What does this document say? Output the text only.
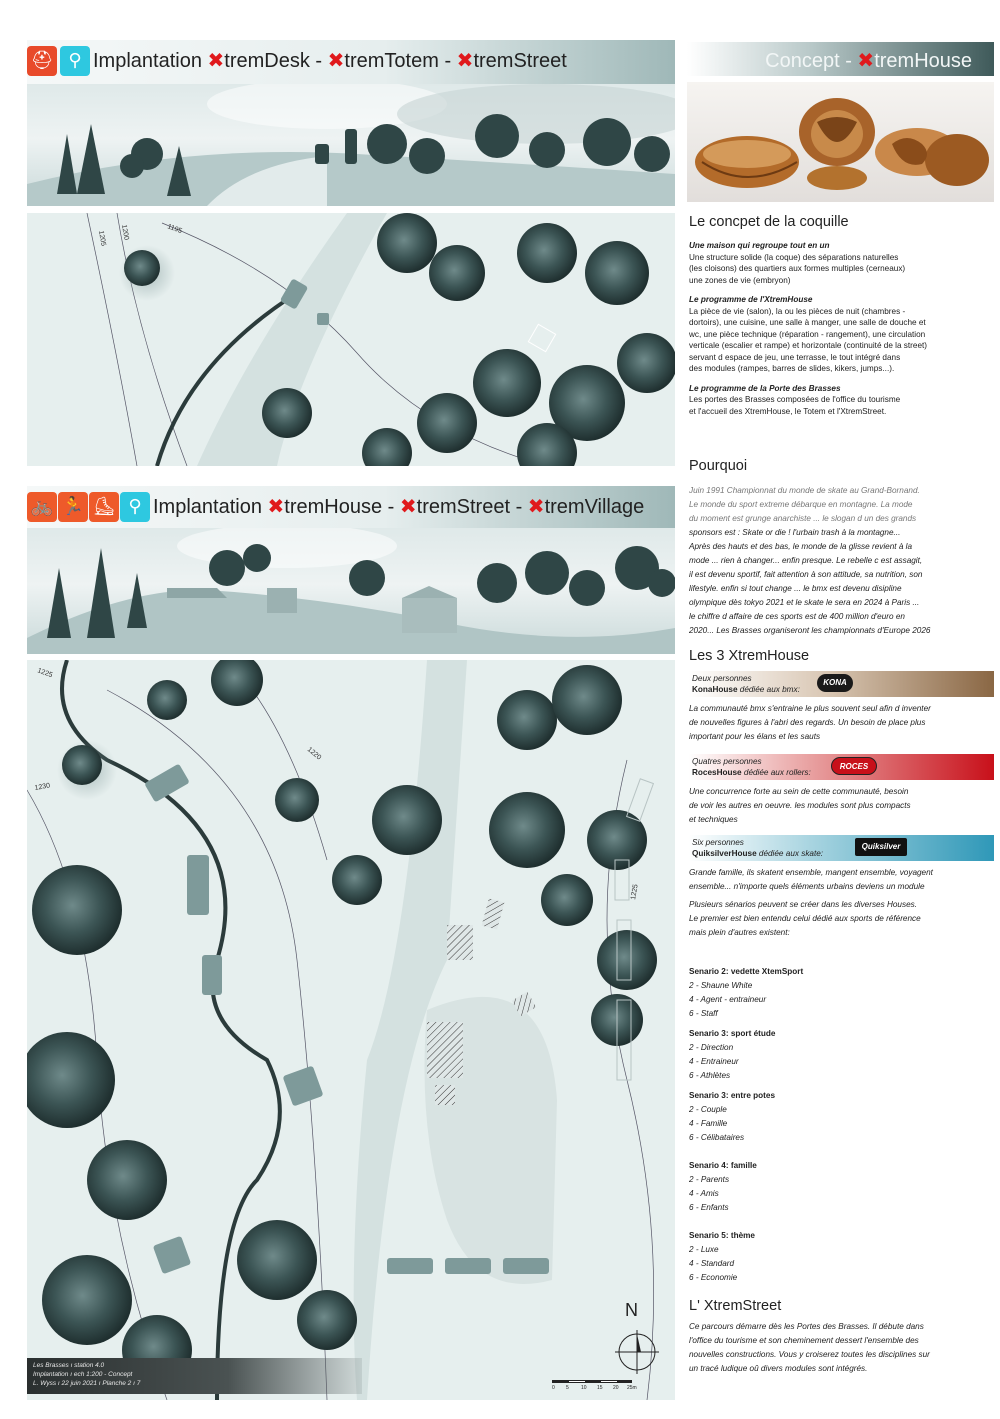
⛑ ⚲ Implantation ✖tremDesk - ✖tremTotem - ✖tremStreet
1205 1200	1195
🚲 🏃 ⛸ ⚲ Implantation ✖tremHouse - ✖tremStreet - ✖tremVillage
1225
1230
1220
1225
N
0 5 10 15 20 25m
Les Brasses ı station 4.0
Implantation ı ech 1:200 - Concept
L. Wyss ı 22 juin 2021 ı Planche 2 ı 7
Concept - ✖tremHouse
Le concpet de la coquille
Une maison qui regroupe tout en un
Une structure solide (la coque) des séparations naturelles
(les cloisons) des quartiers aux formes multiples (cerneaux)
une zones de vie (embryon)
Le programme de l'XtremHouse
La pièce de vie (salon), la ou les pièces de nuit (chambres -
dortoirs), une cuisine, une salle à manger, une salle de douche et
wc, une pièce technique (réparation - rangement), une circulation
verticale (escalier et rampe) et horizontale (continuité de la street)
servant d espace de jeu, une terrasse, le tout intégré dans
des modules (rampes, barres de slides, kikers, jumps...).
Le programme de la Porte des Brasses
Les portes des Brasses composées de l'office du tourisme
et l'accueil des XtremHouse, le Totem et l'XtremStreet.
Pourquoi
Juin 1991 Championnat du monde de skate au Grand-Bornand.
Le monde du sport extreme débarque en montagne. La mode
du moment est grunge anarchiste ... le slogan d un des grands
sponsors est : Skate or die ! l'urbain trash à la montagne...
Après des hauts et des bas, le monde de la glisse revient à la
mode ... rien à changer... enfin presque. Le rebelle c est assagit,
il est devenu sportif, fait attention à son attitude, sa nutrition, son
lifestyle. enfin si tout change ... le bmx est devenu disipline
olympique dès tokyo 2021 et le skate le sera en 2024 à Paris ...
le chiffre d affaire de ces sports est de 400 million d'euro en
2020... Les Brasses organiseront les championnats d'Europe 2026
Les 3 XtremHouse
Deux personnes
KonaHouse dédiée aux bmx:
KONA
La communauté bmx s'entraine le plus souvent seul afin d inventer
de nouvelles figures à l'abri des regards. Un besoin de place plus
important pour les élans et les sauts
Quatres personnes
RocesHouse dédiée aux rollers:
ROCES
Une concurrence forte au sein de cette communauté, besoin
de voir les autres en oeuvre. les modules sont plus compacts
et techniques
Six personnes
QuiksilverHouse dédiée aux skate:
Quiksilver
Grande famille, ils skatent ensemble, mangent ensemble, voyagent
ensemble... n'importe quels éléments urbains deviens un module
Plusieurs sénarios peuvent se créer dans les diverses Houses.
Le premier est bien entendu celui dédié aux sports de référence
mais plein d'autres existent:
Senario 2: vedette XtemSport
2 - Shaune White
4 - Agent - entraineur
6 - Staff
Senario 3: sport étude
2 - Direction
4 - Entraineur
6 - Athlètes
Senario 3: entre potes
2 - Couple
4 - Famille
6 - Célibataires
Senario 4: famille
2 - Parents
4 - Amis
6 - Enfants
Senario 5: thème
2 - Luxe
4 - Standard
6 - Economie
L' XtremStreet
Ce parcours démarre dès les Portes des Brasses. Il débute dans
l'office du tourisme et son cheminement dessert l'ensemble des
nouvelles constructions. Vous y croiserez toutes les disciplines sur
un tracé ludique oû divers modules sont intégrés.
